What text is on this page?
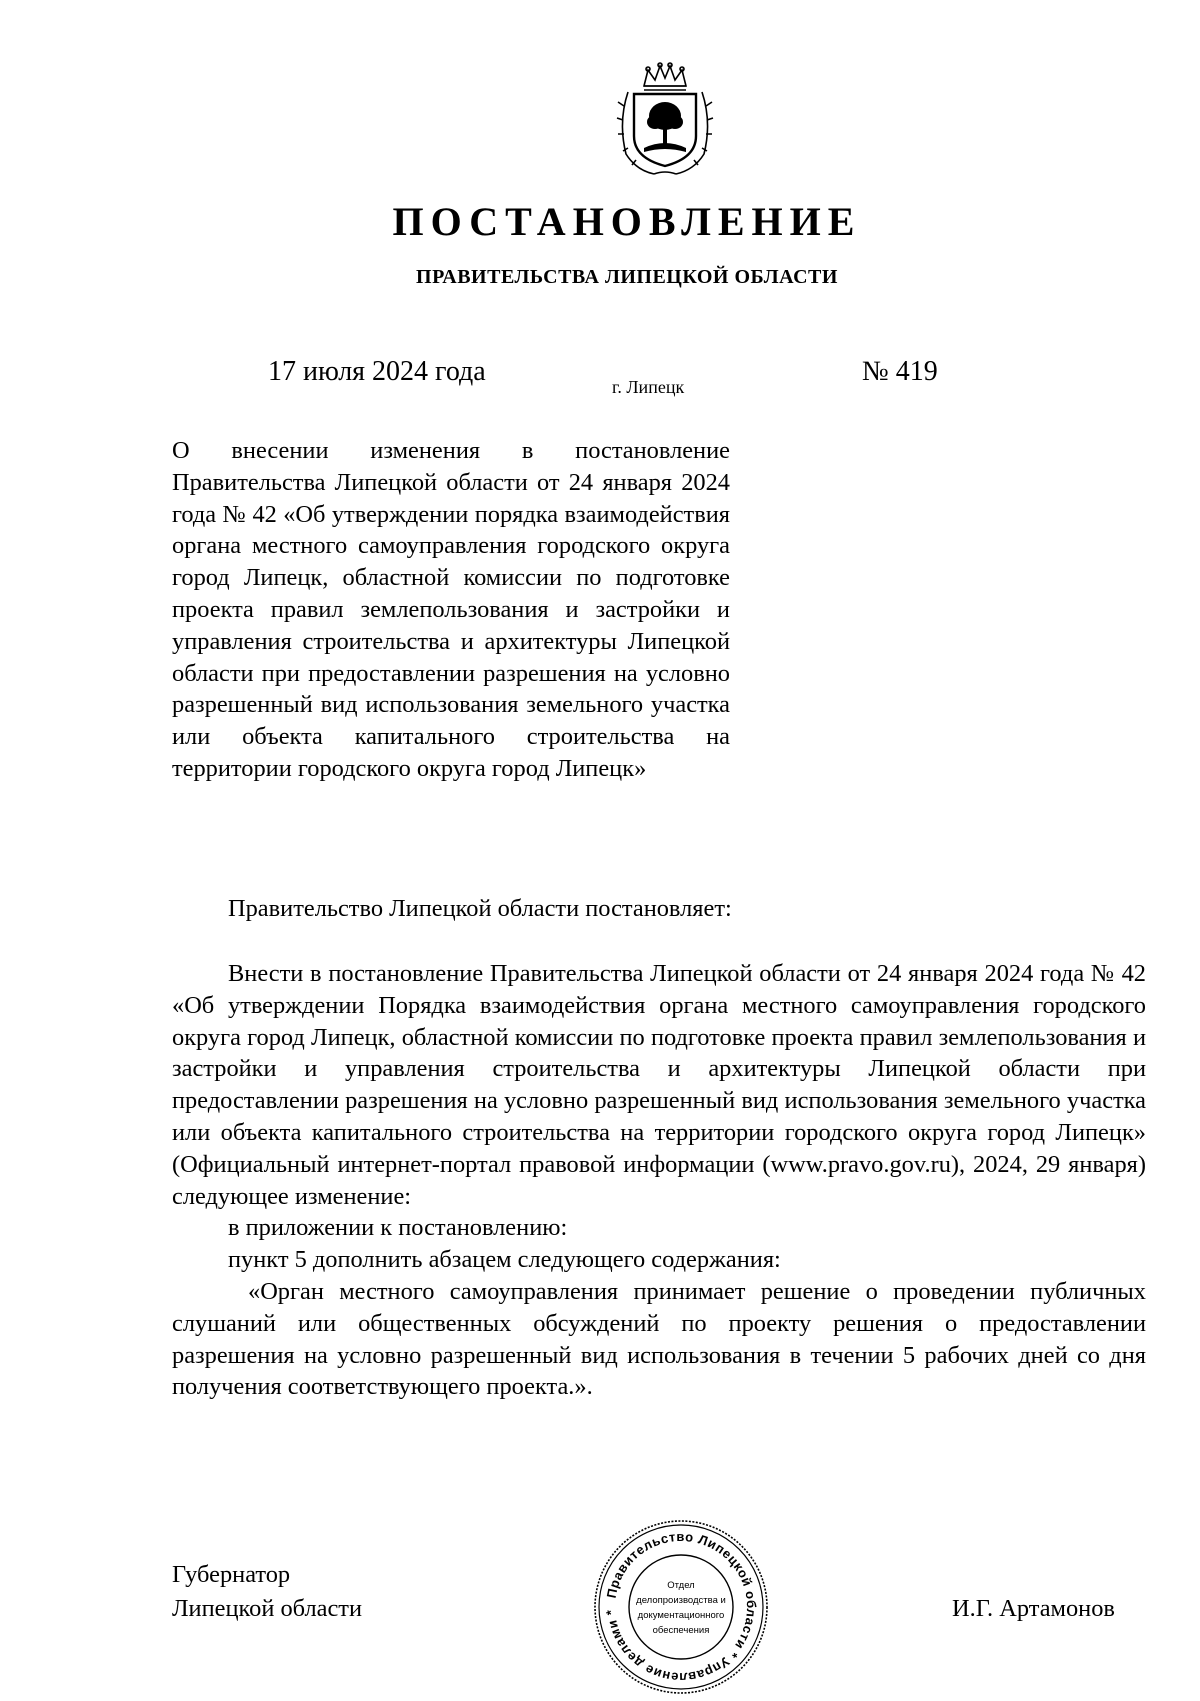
ПОСТАНОВЛЕНИЕ
ПРАВИТЕЛЬСТВА ЛИПЕЦКОЙ ОБЛАСТИ
17 июля 2024 года	г. Липецк	№ 419
О внесении изменения в постановление Правительства Липецкой области от 24 января 2024 года № 42 «Об утверждении порядка взаимодействия органа местного самоуправления городского округа город Липецк, областной комиссии по подготовке проекта правил землепользования и застройки и управления строительства и архитектуры Липецкой области при предоставлении разрешения на условно разрешенный вид использования земельного участка или объекта капитального строительства на территории городского округа город Липецк»
Правительство Липецкой области постановляет:

Внести в постановление Правительства Липецкой области от 24 января 2024 года № 42 «Об утверждении Порядка взаимодействия органа местного самоуправления городского округа город Липецк, областной комиссии по подготовке проекта правил землепользования и застройки и управления строительства и архитектуры Липецкой области при предоставлении разрешения на условно разрешенный вид использования земельного участка или объекта капитального строительства на территории городского округа город Липецк» (Официальный интернет-портал правовой информации (www.pravo.gov.ru), 2024, 29 января) следующее изменение:

в приложении к постановлению:

пункт 5 дополнить абзацем следующего содержания:

«Орган местного самоуправления принимает решение о проведении публичных слушаний или общественных обсуждений по проекту решения о предоставлении разрешения на условно разрешенный вид использования в течении 5 рабочих дней со дня получения соответствующего проекта.».

Губернатор
Липецкой области	И.Г. Артамонов
Правительство Липецкой области * Управление делами *
Отдел
делопроизводства и
документационного
обеспечения
